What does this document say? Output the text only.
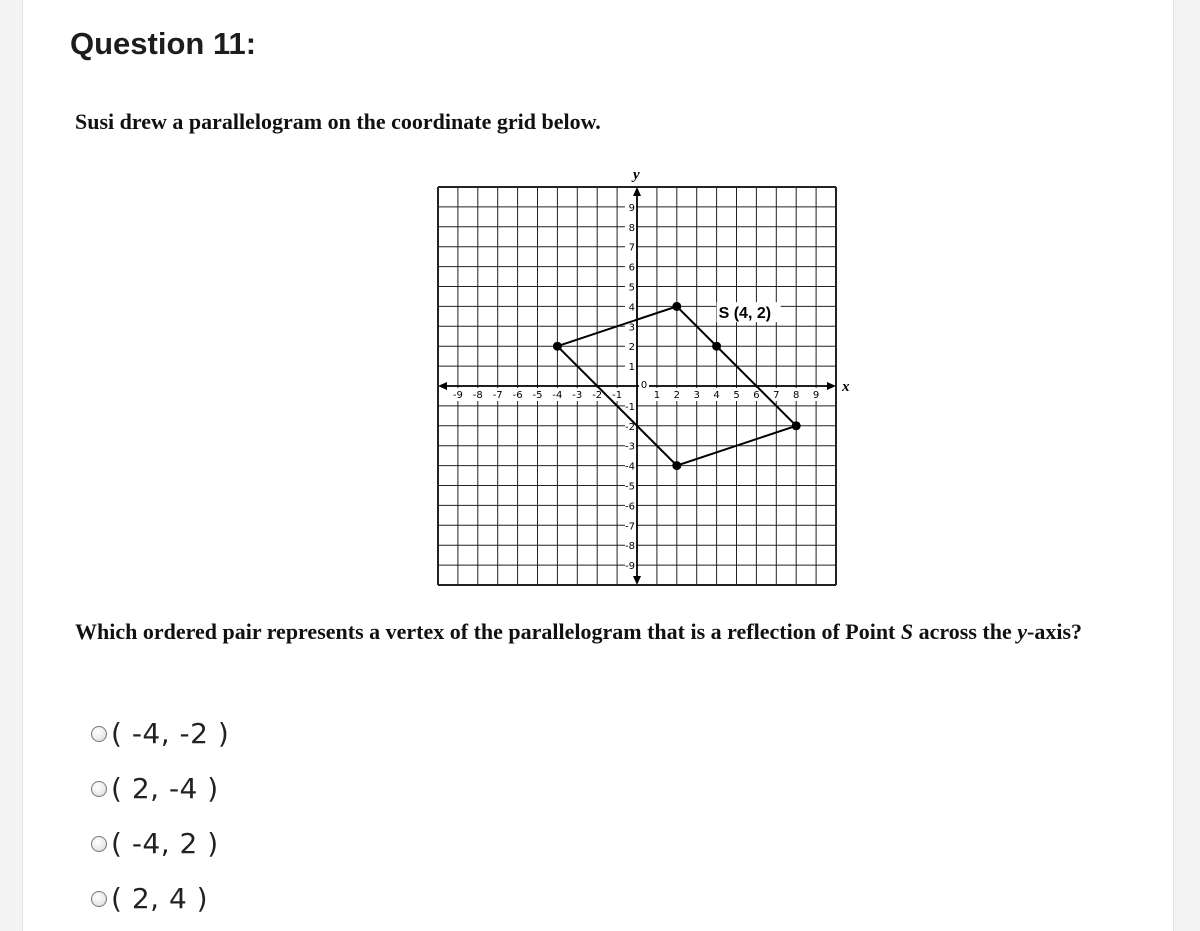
Question 11:
Susi drew a parallelogram on the coordinate grid below.
x
y
-9 -8 -7 -6 -5 -4 -3 -2 -1	1 2 3 4 5 6 7 8 9
9
8
7
6
5
4
3
2
1
-1
-2
-3
-4
-5
-6
-7
-8
-9
0
S (4, 2)
Which ordered pair represents a vertex of the parallelogram that is a reflection of Point S across the y-axis?
( -4, -2 )
( 2, -4 )
( -4, 2 )
( 2, 4 )
